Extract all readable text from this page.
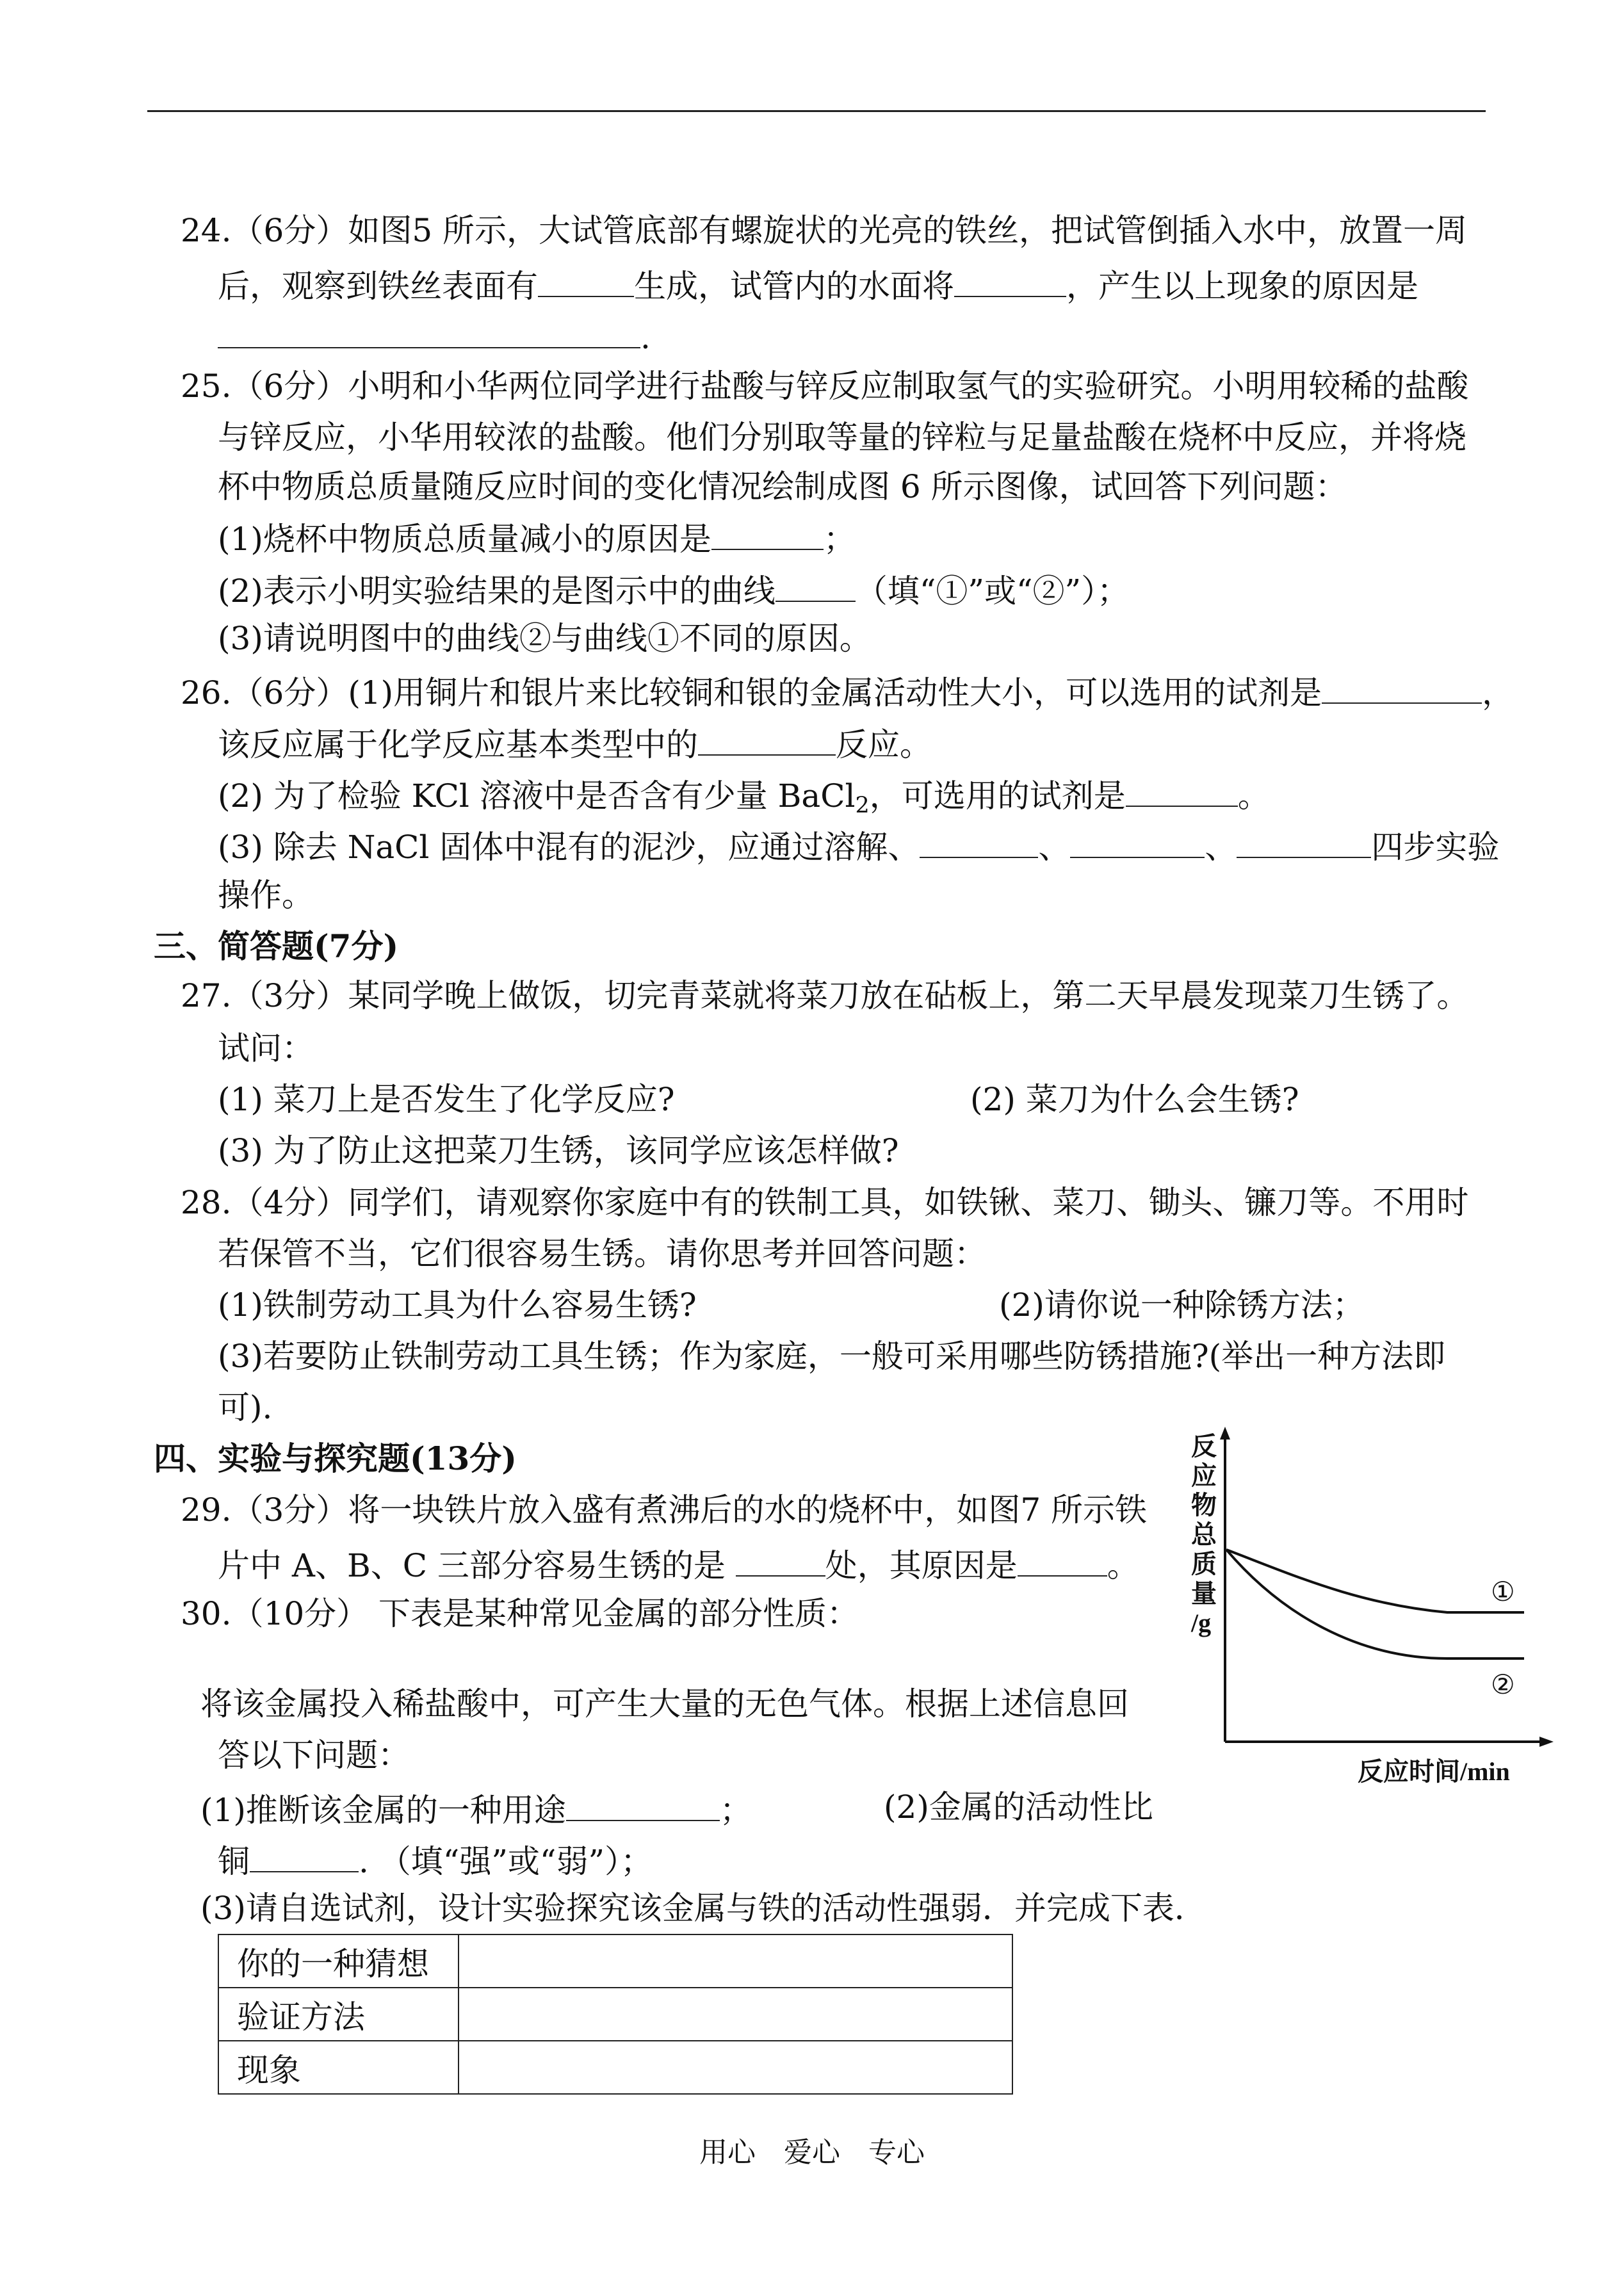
24.（6分）如图5 所示，大试管底部有螺旋状的光亮的铁丝，把试管倒插入水中，放置一周
后，观察到铁丝表面有	生成，试管内的水面将	，产生以上现象的原因是
.
25.（6分）小明和小华两位同学进行盐酸与锌反应制取氢气的实验研究。小明用较稀的盐酸
与锌反应，小华用较浓的盐酸。他们分别取等量的锌粒与足量盐酸在烧杯中反应，并将烧
杯中物质总质量随反应时间的变化情况绘制成图 6 所示图像，试回答下列问题：
(1)烧杯中物质总质量减小的原因是	；
(2)表示小明实验结果的是图示中的曲线	（填“①”或“②”）；
(3)请说明图中的曲线②与曲线①不同的原因。
26.（6分）(1)用铜片和银片来比较铜和银的金属活动性大小，可以选用的试剂是	，
该反应属于化学反应基本类型中的	反应。
(2) 为了检验 KCl 溶液中是否含有少量 BaCl$_2$，可选用的试剂是	。
(3) 除去 NaCl 固体中混有的泥沙，应通过溶解、	、	、	四步实验
操作。
三、简答题(7分)
27.（3分）某同学晚上做饭，切完青菜就将菜刀放在砧板上，第二天早晨发现菜刀生锈了。
试问：
(1) 菜刀上是否发生了化学反应?	(2) 菜刀为什么会生锈?
(3) 为了防止这把菜刀生锈，该同学应该怎样做?
28.（4分）同学们，请观察你家庭中有的铁制工具，如铁锹、菜刀、锄头、镰刀等。不用时
若保管不当，它们很容易生锈。请你思考并回答问题：
(1)铁制劳动工具为什么容易生锈?	(2)请你说一种除锈方法；
(3)若要防止铁制劳动工具生锈；作为家庭，一般可采用哪些防锈措施?(举出一种方法即
可).
四、实验与探究题(13分)
29.（3分）将一块铁片放入盛有煮沸后的水的烧杯中，如图7 所示铁
片中 A、B、C 三部分容易生锈的是	处，其原因是	。
30.（10分） 下表是某种常见金属的部分性质：
将该金属投入稀盐酸中，可产生大量的无色气体。根据上述信息回
答以下问题：
(1)推断该金属的一种用途	；	(2)金属的活动性比
铜	. （填“强”或“弱”）；
(3)请自选试剂，设计实验探究该金属与铁的活动性强弱．并完成下表．
你的一种猜想	
验证方法	
现象	
反
应
物
总
质
量
/g
①
②
反应时间/min
用心　爱心　专心
